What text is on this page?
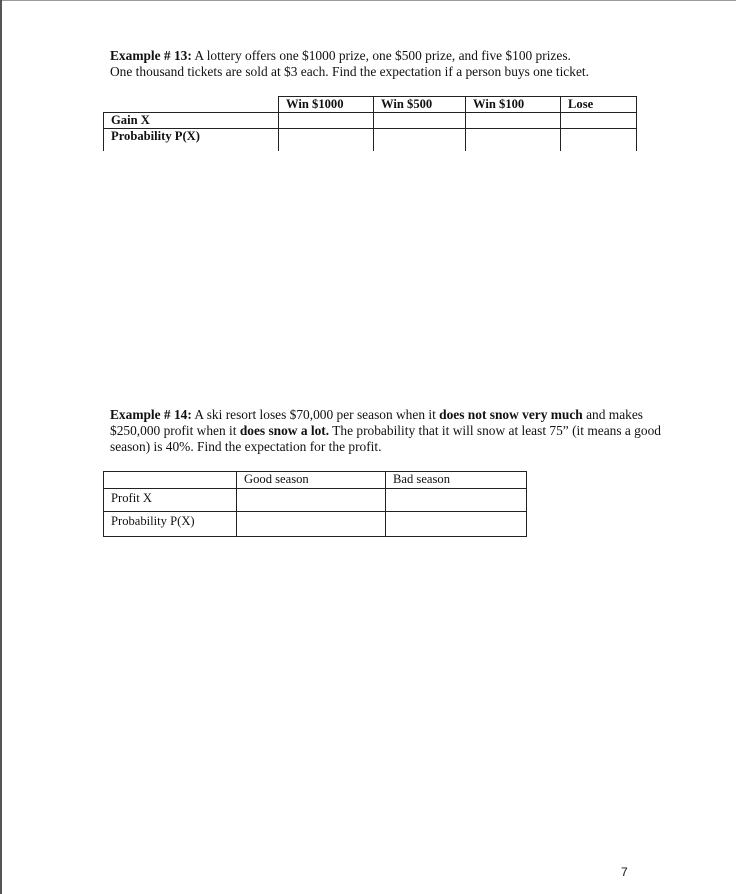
Example # 13: A lottery offers one $1000 prize, one $500 prize, and five $100 prizes.
One thousand tickets are sold at $3 each. Find the expectation if a person buys one ticket.

	Win $1000	Win $500	Win $100	Lose
Gain X				
Probability P(X)				

Example # 14: A ski resort loses $70,000 per season when it does not snow very much and makes $250,000 profit when it does snow a lot. The probability that it will snow at least 75” (it means a good season) is 40%. Find the expectation for the profit.

	Good season	Bad season
Profit X		
Probability P(X)		
7
